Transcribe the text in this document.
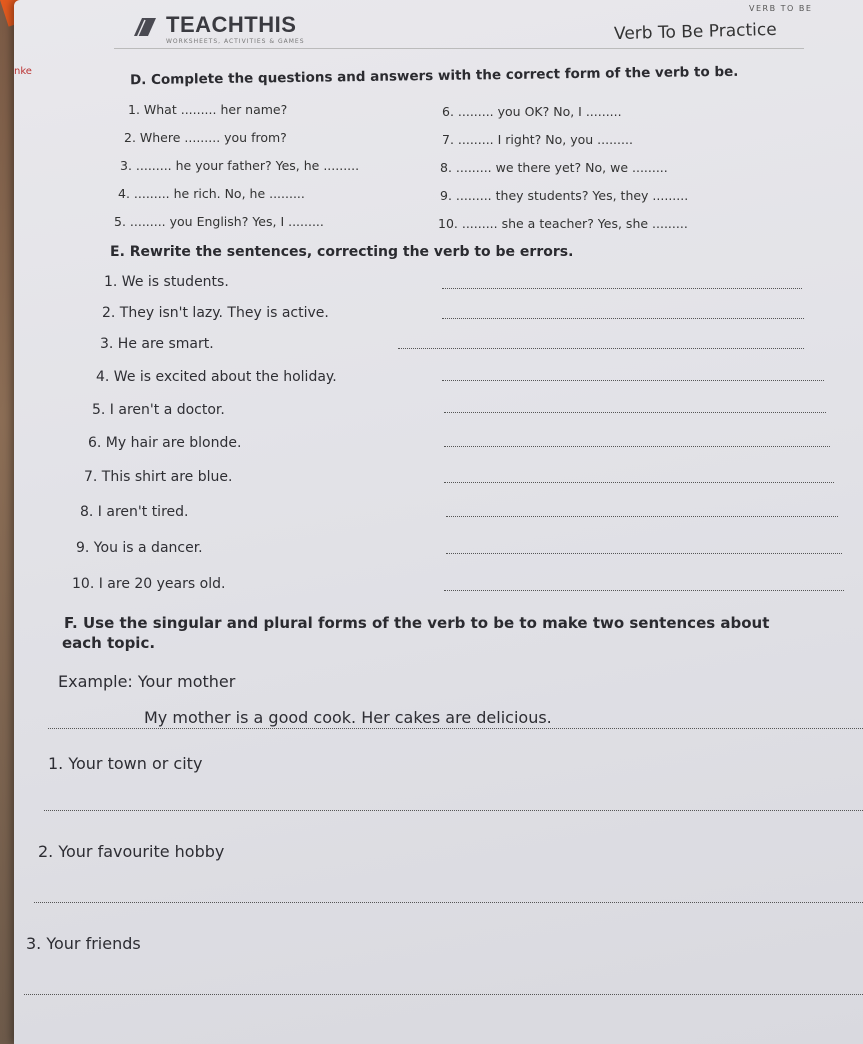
TEACHTHIS
WORKSHEETS, ACTIVITIES & GAMES
VERB TO BE
Verb To Be Practice
nke	D. Complete the questions and answers with the correct form of the verb to be.
1. What ......... her name?	6. ......... you OK? No, I .........
2. Where ......... you from?	7. ......... I right? No, you .........
3. ......... he your father? Yes, he .........	8. ......... we there yet? No, we .........
4. ......... he rich. No, he .........	9. ......... they students? Yes, they .........
5. ......... you English? Yes, I .........	10. ......... she a teacher? Yes, she .........
E. Rewrite the sentences, correcting the verb to be errors.
1. We is students.
2. They isn't lazy. They is active.
3. He are smart.
4. We is excited about the holiday.
5. I aren't a doctor.
6. My hair are blonde.
7. This shirt are blue.
8. I aren't tired.
9. You is a dancer.
10. I are 20 years old.
F. Use the singular and plural forms of the verb to be to make two sentences about
each topic.
Example: Your mother
My mother is a good cook. Her cakes are delicious.
1. Your town or city
2. Your favourite hobby
3. Your friends
